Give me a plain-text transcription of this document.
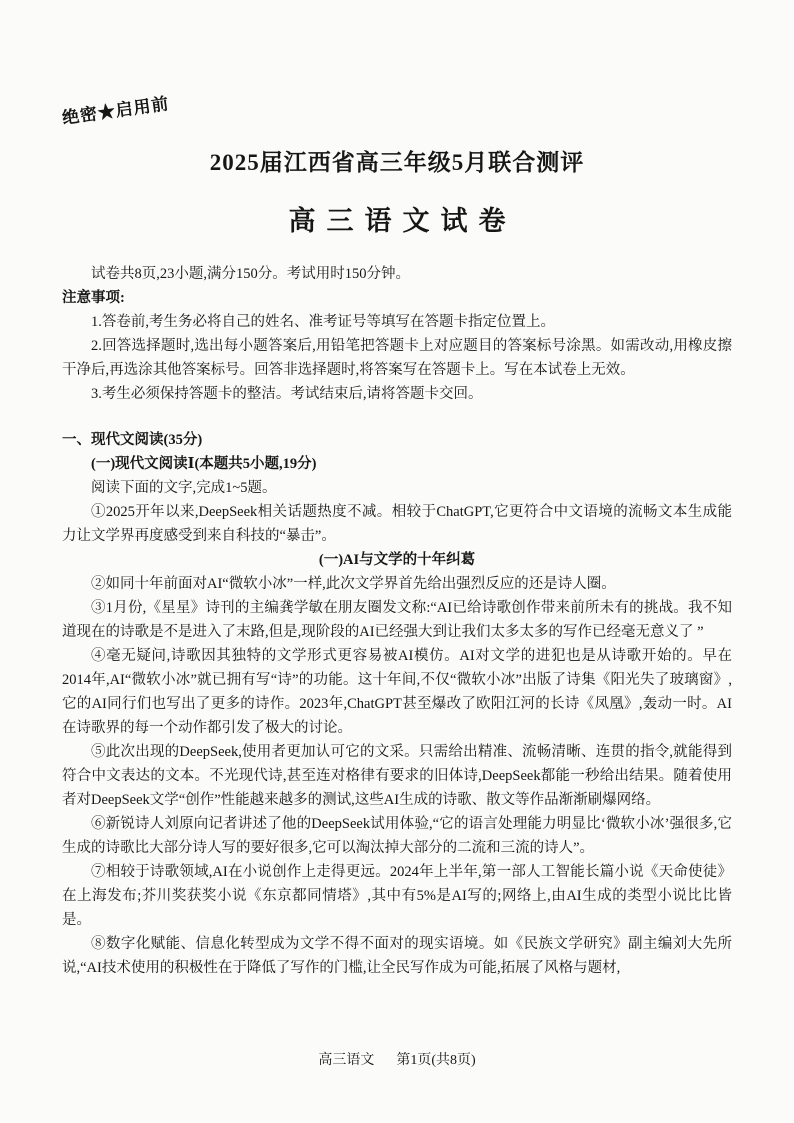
绝密★启用前
2025届江西省高三年级5月联合测评
高三语文试卷

试卷共8页,23小题,满分150分。考试用时150分钟。

注意事项:

1.答卷前,考生务必将自己的姓名、准考证号等填写在答题卡指定位置上。

2.回答选择题时,选出每小题答案后,用铅笔把答题卡上对应题目的答案标号涂黑。如需改动,用橡皮擦干净后,再选涂其他答案标号。回答非选择题时,将答案写在答题卡上。写在本试卷上无效。

3.考生必须保持答题卡的整洁。考试结束后,请将答题卡交回。

一、现代文阅读(35分)

(一)现代文阅读Ⅰ(本题共5小题,19分)

阅读下面的文字,完成1~5题。

①2025开年以来,DeepSeek相关话题热度不减。相较于ChatGPT,它更符合中文语境的流畅文本生成能力让文学界再度感受到来自科技的“暴击”。

(一)AI与文学的十年纠葛

②如同十年前面对AI“微软小冰”一样,此次文学界首先给出强烈反应的还是诗人圈。

③1月份,《星星》诗刊的主编龚学敏在朋友圈发文称:“AI已给诗歌创作带来前所未有的挑战。我不知道现在的诗歌是不是进入了末路,但是,现阶段的AI已经强大到让我们太多太多的写作已经毫无意义了 ”

④毫无疑问,诗歌因其独特的文学形式更容易被AI模仿。AI对文学的进犯也是从诗歌开始的。早在2014年,AI“微软小冰”就已拥有写“诗”的功能。这十年间,不仅“微软小冰”出版了诗集《阳光失了玻璃窗》,它的AI同行们也写出了更多的诗作。2023年,ChatGPT甚至爆改了欧阳江河的长诗《凤凰》,轰动一时。AI在诗歌界的每一个动作都引发了极大的讨论。

⑤此次出现的DeepSeek,使用者更加认可它的文采。只需给出精准、流畅清晰、连贯的指令,就能得到符合中文表达的文本。不光现代诗,甚至连对格律有要求的旧体诗,DeepSeek都能一秒给出结果。随着使用者对DeepSeek文学“创作”性能越来越多的测试,这些AI生成的诗歌、散文等作品渐渐刷爆网络。

⑥新锐诗人刘原向记者讲述了他的DeepSeek试用体验,“它的语言处理能力明显比‘微软小冰’强很多,它生成的诗歌比大部分诗人写的要好很多,它可以淘汰掉大部分的二流和三流的诗人”。

⑦相较于诗歌领域,AI在小说创作上走得更远。2024年上半年,第一部人工智能长篇小说《天命使徒》在上海发布;芥川奖获奖小说《东京都同情塔》,其中有5%是AI写的;网络上,由AI生成的类型小说比比皆是。

⑧数字化赋能、信息化转型成为文学不得不面对的现实语境。如《民族文学研究》副主编刘大先所说,“AI技术使用的积极性在于降低了写作的门槛,让全民写作成为可能,拓展了风格与题材,

高三语文 第1页(共8页)
